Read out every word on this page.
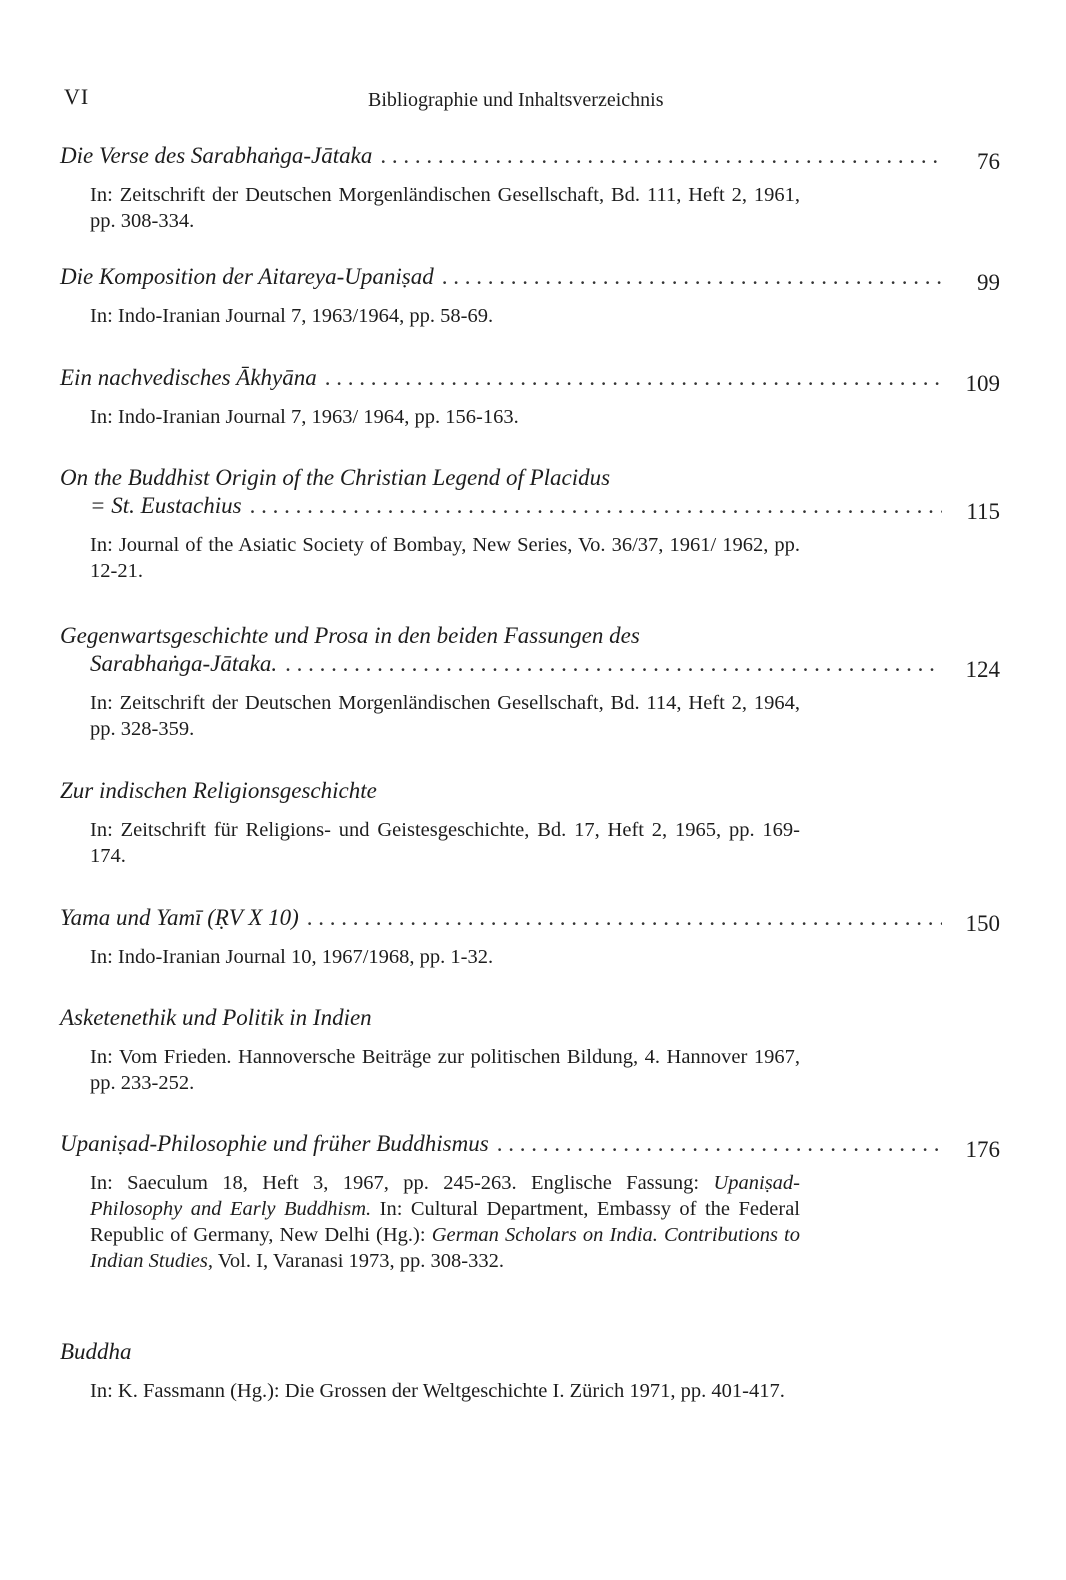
VI	Bibliographie und Inhaltsverzeichnis
Die Verse des Sarabhaṅga-Jātaka . . .	76
In: Zeitschrift der Deutschen Morgenländischen Gesellschaft, Bd. 111, Heft 2, 1961, pp. 308-334.
Die Komposition der Aitareya-Upaniṣad . . .	99
In: Indo-Iranian Journal 7, 1963/1964, pp. 58-69.
Ein nachvedisches Ākhyāna . . .	109
In: Indo-Iranian Journal 7, 1963/ 1964, pp. 156-163.
On the Buddhist Origin of the Christian Legend of Placidus
= St. Eustachius . . .	115
In: Journal of the Asiatic Society of Bombay, New Series, Vo. 36/37, 1961/ 1962, pp. 12-21.
Gegenwartsgeschichte und Prosa in den beiden Fassungen des
Sarabhaṅga-Jātaka. . . .	124
In: Zeitschrift der Deutschen Morgenländischen Gesellschaft, Bd. 114, Heft 2, 1964, pp. 328-359.
Zur indischen Religionsgeschichte
In: Zeitschrift für Religions- und Geistesgeschichte, Bd. 17, Heft 2, 1965, pp. 169-174.
Yama und Yamī (ṚV X 10) . . .	150
In: Indo-Iranian Journal 10, 1967/1968, pp. 1-32.
Asketenethik und Politik in Indien
In: Vom Frieden. Hannoversche Beiträge zur politischen Bildung, 4. Hannover 1967, pp. 233-252.
Upaniṣad-Philosophie und früher Buddhismus . . .	176
In: Saeculum 18, Heft 3, 1967, pp. 245-263. Englische Fassung: Upaniṣad-Philosophy and Early Buddhism. In: Cultural Department, Embassy of the Federal Republic of Germany, New Delhi (Hg.): German Scholars on India. Contributions to Indian Studies, Vol. I, Varanasi 1973, pp. 308-332.
Buddha
In: K. Fassmann (Hg.): Die Grossen der Weltgeschichte I. Zürich 1971, pp. 401-417.
